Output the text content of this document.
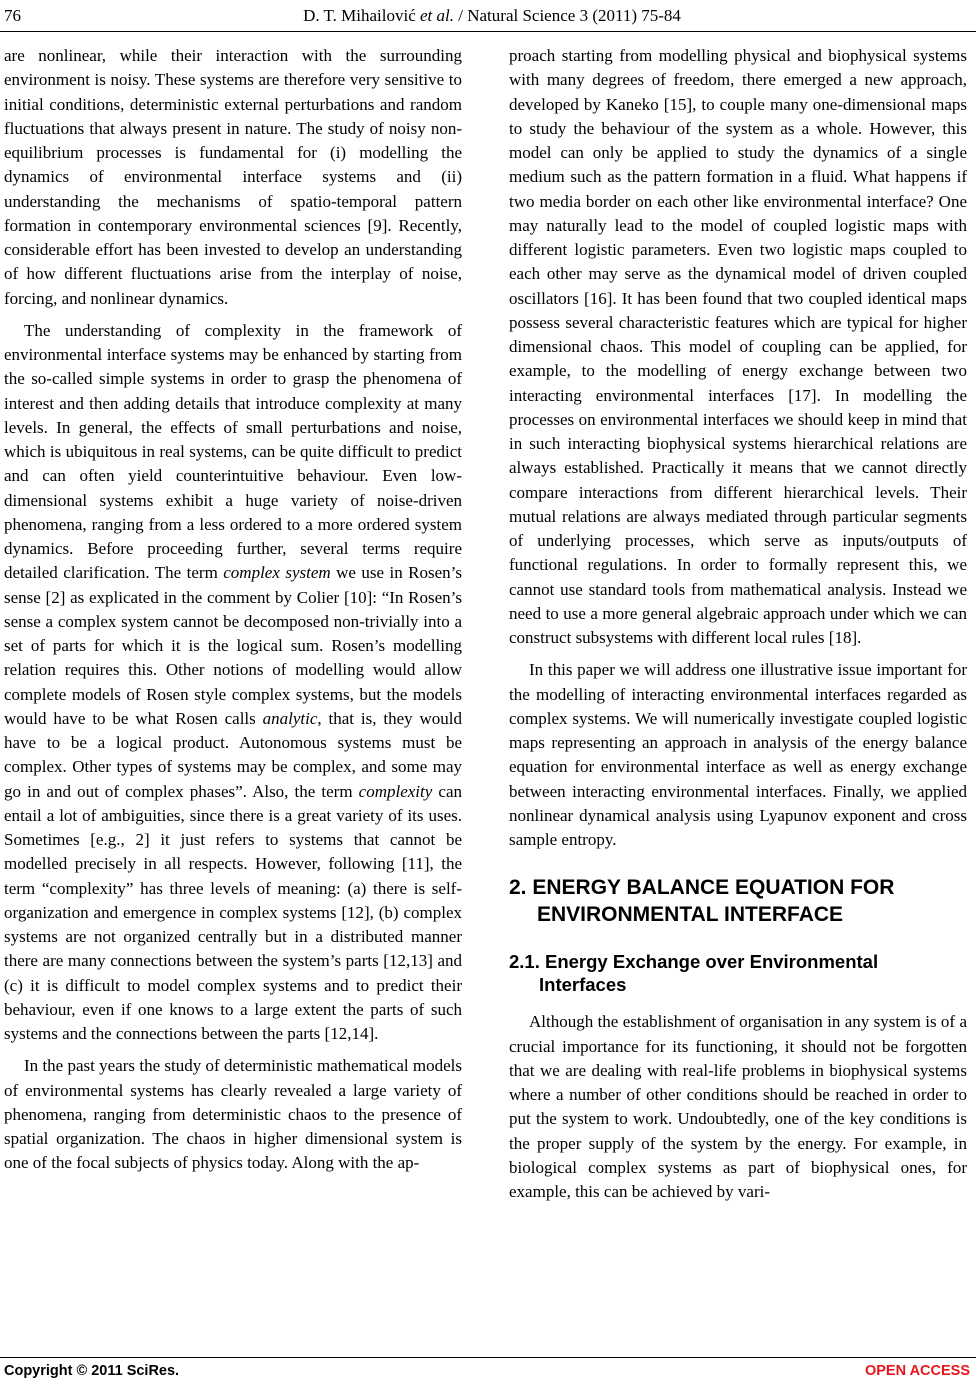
76	D. T. Mihailović et al. / Natural Science 3 (2011) 75-84

are nonlinear, while their interaction with the surrounding environment is noisy. These systems are therefore very sensitive to initial conditions, deterministic external perturbations and random fluctuations that always present in nature. The study of noisy non-equilibrium processes is fundamental for (i) modelling the dynamics of environmental interface systems and (ii) understanding the mechanisms of spatio-temporal pattern formation in contemporary environmental sciences [9]. Recently, considerable effort has been invested to develop an understanding of how different fluctuations arise from the interplay of noise, forcing, and nonlinear dynamics.

The understanding of complexity in the framework of environmental interface systems may be enhanced by starting from the so-called simple systems in order to grasp the phenomena of interest and then adding details that introduce complexity at many levels. In general, the effects of small perturbations and noise, which is ubiquitous in real systems, can be quite difficult to predict and can often yield counterintuitive behaviour. Even low-dimensional systems exhibit a huge variety of noise-driven phenomena, ranging from a less ordered to a more ordered system dynamics. Before proceeding further, several terms require detailed clarification. The term complex system we use in Rosen’s sense [2] as explicated in the comment by Colier [10]: “In Rosen’s sense a complex system cannot be decomposed non-trivially into a set of parts for which it is the logical sum. Rosen’s modelling relation requires this. Other notions of modelling would allow complete models of Rosen style complex systems, but the models would have to be what Rosen calls analytic, that is, they would have to be a logical product. Autonomous systems must be complex. Other types of systems may be complex, and some may go in and out of complex phases”. Also, the term complexity can entail a lot of ambiguities, since there is a great variety of its uses. Sometimes [e.g., 2] it just refers to systems that cannot be modelled precisely in all respects. However, following [11], the term “complexity” has three levels of meaning: (a) there is self-organization and emergence in complex systems [12], (b) complex systems are not organized centrally but in a distributed manner there are many connections between the system’s parts [12,13] and (c) it is difficult to model complex systems and to predict their behaviour, even if one knows to a large extent the parts of such systems and the connections between the parts [12,14].

In the past years the study of deterministic mathematical models of environmental systems has clearly revealed a large variety of phenomena, ranging from deterministic chaos to the presence of spatial organization. The chaos in higher dimensional system is one of the focal subjects of physics today. Along with the ap-

proach starting from modelling physical and biophysical systems with many degrees of freedom, there emerged a new approach, developed by Kaneko [15], to couple many one-dimensional maps to study the behaviour of the system as a whole. However, this model can only be applied to study the dynamics of a single medium such as the pattern formation in a fluid. What happens if two media border on each other like environmental interface? One may naturally lead to the model of coupled logistic maps with different logistic parameters. Even two logistic maps coupled to each other may serve as the dynamical model of driven coupled oscillators [16]. It has been found that two coupled identical maps possess several characteristic features which are typical for higher dimensional chaos. This model of coupling can be applied, for example, to the modelling of energy exchange between two interacting environmental interfaces [17]. In modelling the processes on environmental interfaces we should keep in mind that in such interacting biophysical systems hierarchical relations are always established. Practically it means that we cannot directly compare interactions from different hierarchical levels. Their mutual relations are always mediated through particular segments of underlying processes, which serve as inputs/outputs of functional regulations. In order to formally represent this, we cannot use standard tools from mathematical analysis. Instead we need to use a more general algebraic approach under which we can construct subsystems with different local rules [18].

In this paper we will address one illustrative issue important for the modelling of interacting environmental interfaces regarded as complex systems. We will numerically investigate coupled logistic maps representing an approach in analysis of the energy balance equation for environmental interface as well as energy exchange between interacting environmental interfaces. Finally, we applied nonlinear dynamical analysis using Lyapunov exponent and cross sample entropy.

2. ENERGY BALANCE EQUATION FOR ENVIRONMENTAL INTERFACE
2.1. Energy Exchange over Environmental Interfaces

Although the establishment of organisation in any system is of a crucial importance for its functioning, it should not be forgotten that we are dealing with real-life problems in biophysical systems where a number of other conditions should be reached in order to put the system to work. Undoubtedly, one of the key conditions is the proper supply of the system by the energy. For example, in biological complex systems as part of biophysical ones, for example, this can be achieved by vari-

Copyright © 2011 SciRes.	OPEN ACCESS
